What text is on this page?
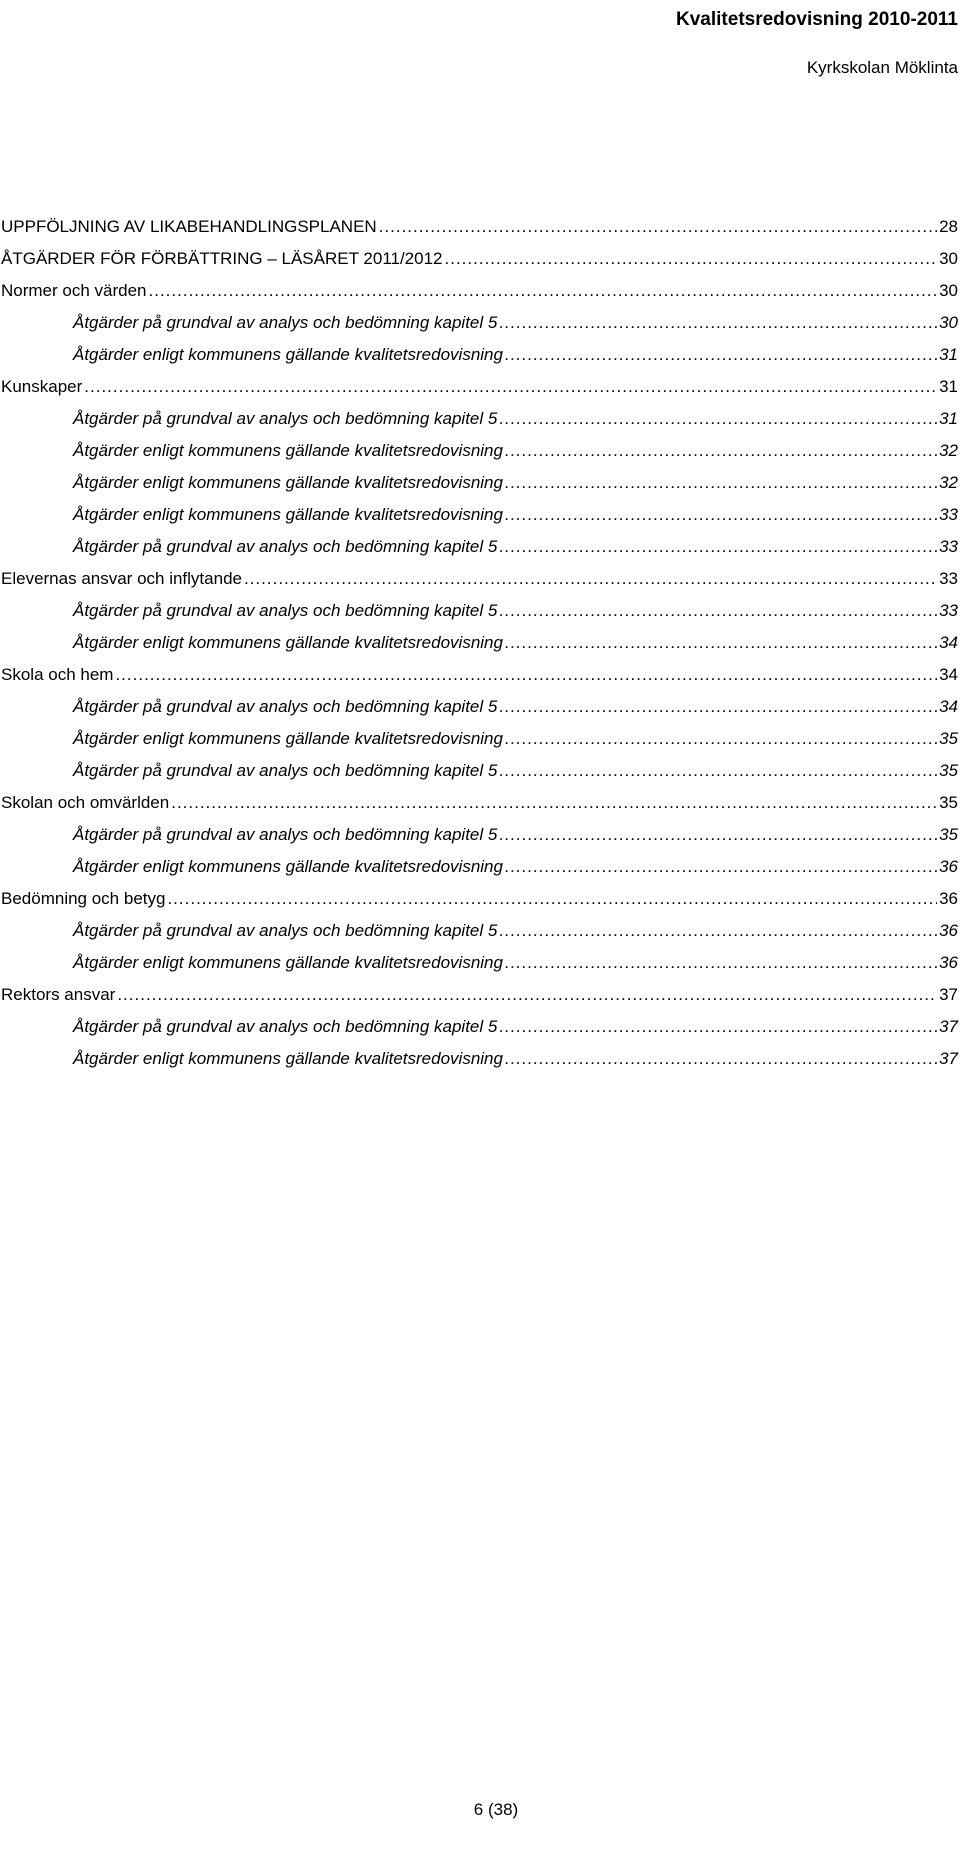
Kvalitetsredovisning 2010-2011
Kyrkskolan Möklinta
UPPFÖLJNING AV LIKABEHANDLINGSPLANEN .....	28
ÅTGÄRDER FÖR FÖRBÄTTRING – LÄSÅRET 2011/2012 .....	30
Normer och värden .....	30
Åtgärder på grundval av analys och bedömning kapitel 5 .....	30
Åtgärder enligt kommunens gällande kvalitetsredovisning .....	31
Kunskaper .....	31
Åtgärder på grundval av analys och bedömning kapitel 5 .....	31
Åtgärder enligt kommunens gällande kvalitetsredovisning .....	32
Åtgärder enligt kommunens gällande kvalitetsredovisning .....	32
Åtgärder enligt kommunens gällande kvalitetsredovisning .....	33
Åtgärder på grundval av analys och bedömning kapitel 5 .....	33
Elevernas ansvar och inflytande .....	33
Åtgärder på grundval av analys och bedömning kapitel 5 .....	33
Åtgärder enligt kommunens gällande kvalitetsredovisning .....	34
Skola och hem .....	34
Åtgärder på grundval av analys och bedömning kapitel 5 .....	34
Åtgärder enligt kommunens gällande kvalitetsredovisning .....	35
Åtgärder på grundval av analys och bedömning kapitel 5 .....	35
Skolan och omvärlden .....	35
Åtgärder på grundval av analys och bedömning kapitel 5 .....	35
Åtgärder enligt kommunens gällande kvalitetsredovisning .....	36
Bedömning och betyg .....	36
Åtgärder på grundval av analys och bedömning kapitel 5 .....	36
Åtgärder enligt kommunens gällande kvalitetsredovisning .....	36
Rektors ansvar .....	37
Åtgärder på grundval av analys och bedömning kapitel 5 .....	37
Åtgärder enligt kommunens gällande kvalitetsredovisning .....	37
6 (38)
